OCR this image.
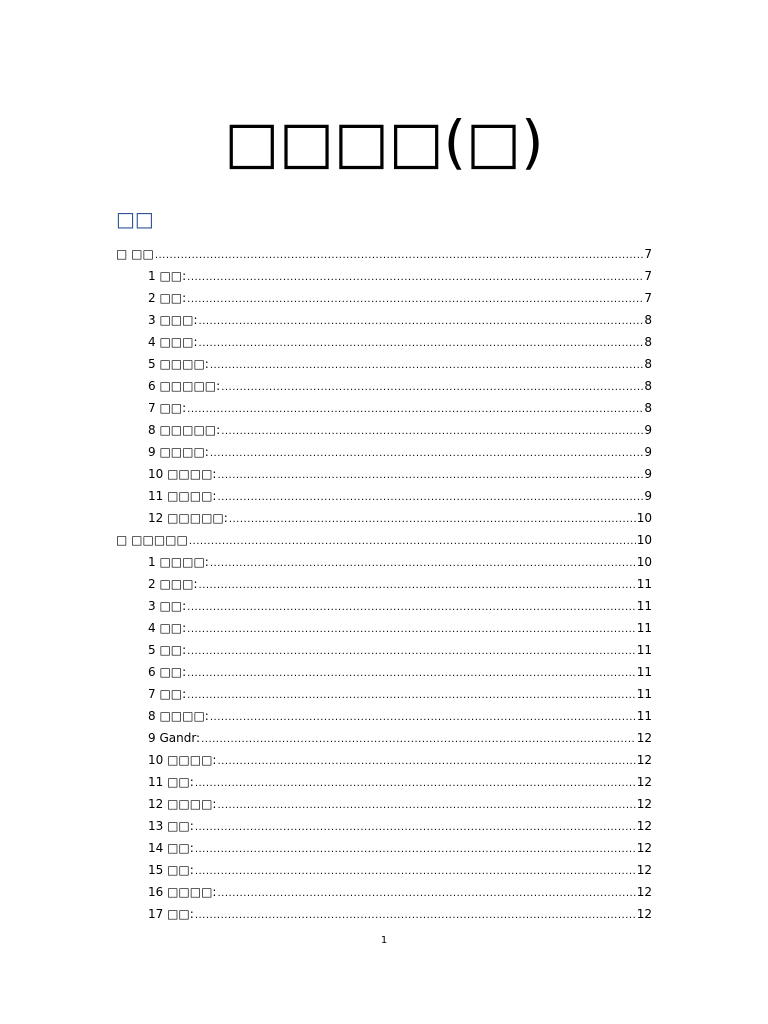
□□□□(□)
□□
□ □□ .....	7
1 □□: .....	7
2 □□: .....	7
3 □□□: .....	8
4 □□□: .....	8
5 □□□□: .....	8
6 □□□□□: .....	8
7 □□: .....	8
8 □□□□□: .....	9
9 □□□□: .....	9
10 □□□□: .....	9
11 □□□□: .....	9
12 □□□□□: .....	10
□ □□□□□ .....	10
1 □□□□: .....	10
2 □□□: .....	11
3 □□: .....	11
4 □□: .....	11
5 □□: .....	11
6 □□: .....	11
7 □□: .....	11
8 □□□□: .....	11
9 Gandr: .....	12
10 □□□□: .....	12
11 □□: .....	12
12 □□□□: .....	12
13 □□: .....	12
14 □□: .....	12
15 □□: .....	12
16 □□□□: .....	12
17 □□: .....	12
1
